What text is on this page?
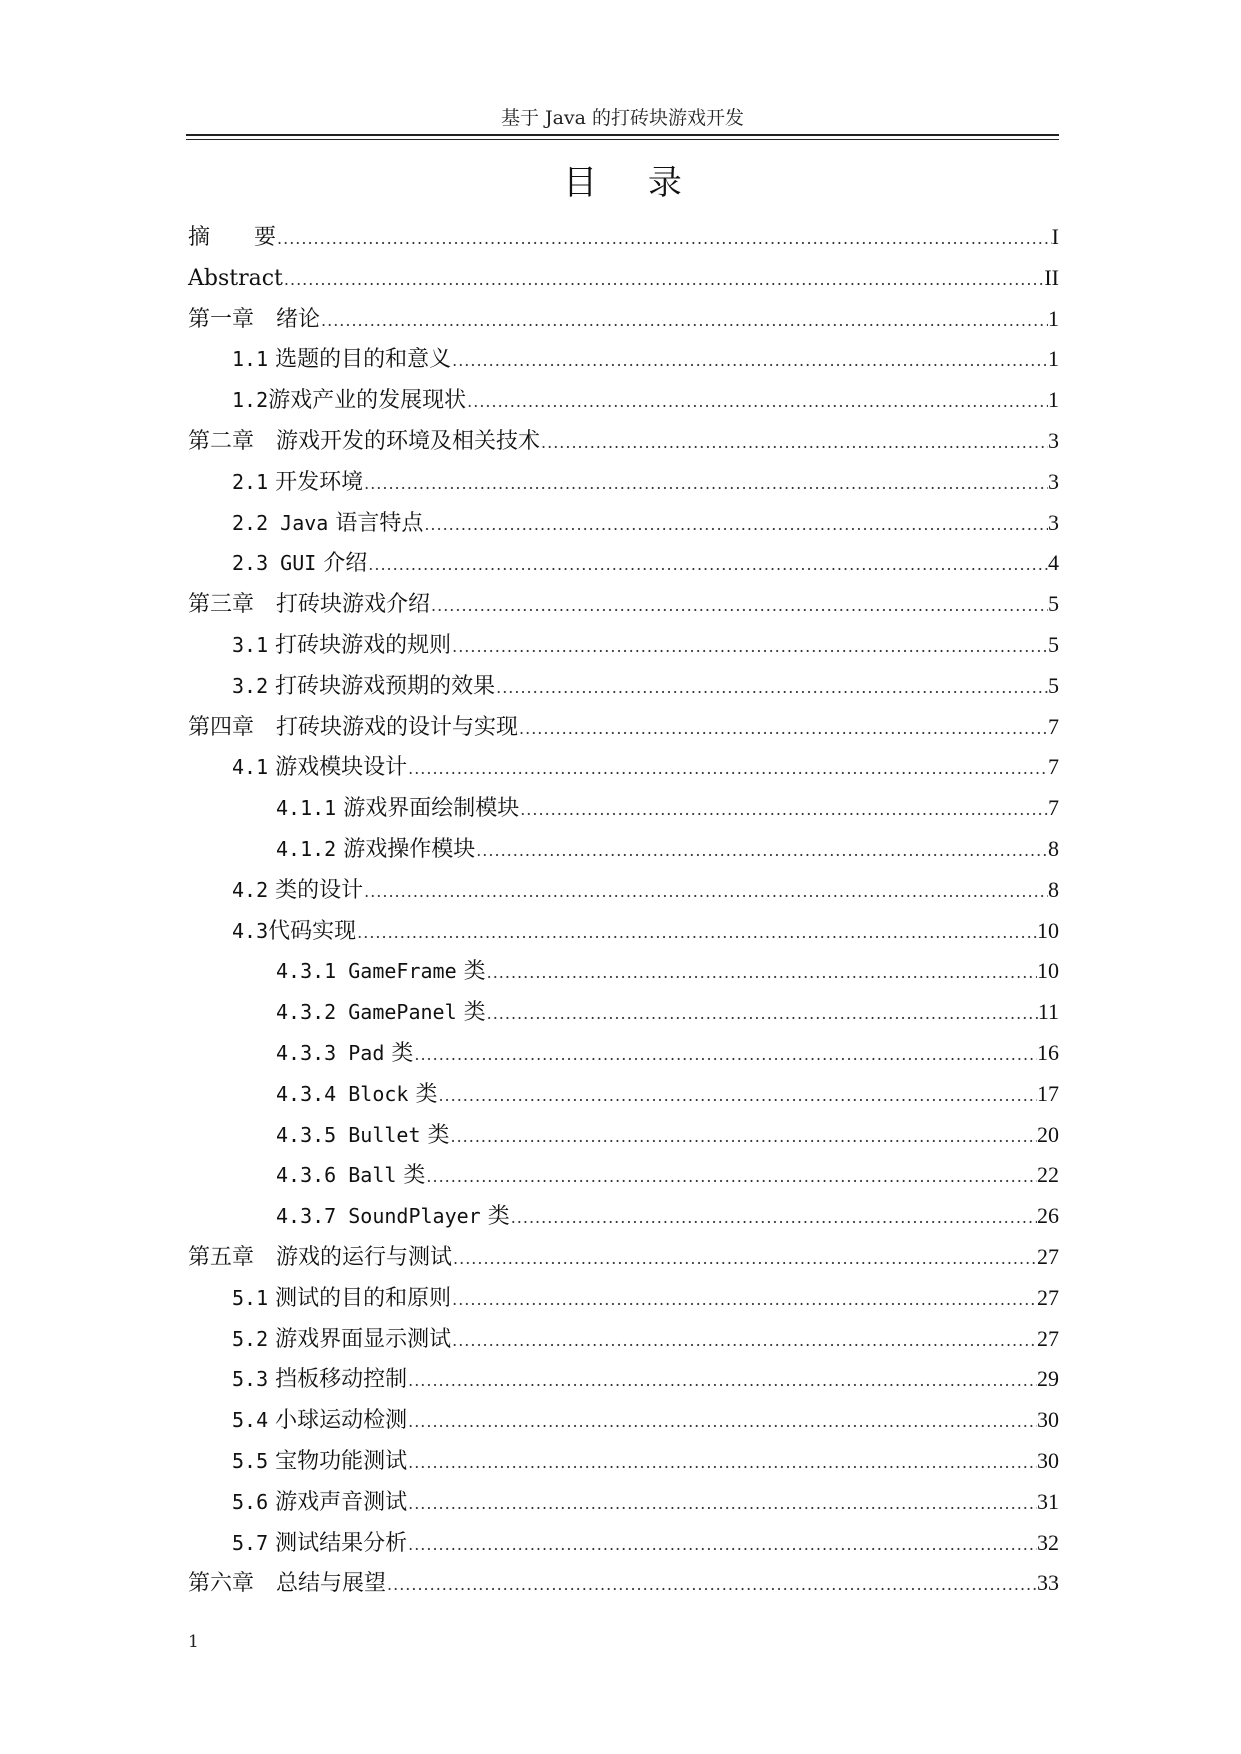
基于 Java 的打砖块游戏开发
目 录
摘　　要 .....	I
Abstract .....	II
第一章　绪论 .....	1
1.1 选题的目的和意义 .....	1
1.2游戏产业的发展现状 .....	1
第二章　游戏开发的环境及相关技术 .....	3
2.1 开发环境 .....	3
2.2 Java 语言特点 .....	3
2.3 GUI 介绍 .....	4
第三章　打砖块游戏介绍 .....	5
3.1 打砖块游戏的规则 .....	5
3.2 打砖块游戏预期的效果 .....	5
第四章　打砖块游戏的设计与实现 .....	7
4.1 游戏模块设计 .....	7
4.1.1 游戏界面绘制模块 .....	7
4.1.2 游戏操作模块 .....	8
4.2 类的设计 .....	8
4.3代码实现 .....	10
4.3.1 GameFrame 类 .....	10
4.3.2 GamePanel 类 .....	11
4.3.3 Pad 类 .....	16
4.3.4 Block 类 .....	17
4.3.5 Bullet 类 .....	20
4.3.6 Ball 类 .....	22
4.3.7 SoundPlayer 类 .....	26
第五章　游戏的运行与测试 .....	27
5.1 测试的目的和原则 .....	27
5.2 游戏界面显示测试 .....	27
5.3 挡板移动控制 .....	29
5.4 小球运动检测 .....	30
5.5 宝物功能测试 .....	30
5.6 游戏声音测试 .....	31
5.7 测试结果分析 .....	32
第六章　总结与展望 .....	33
1
